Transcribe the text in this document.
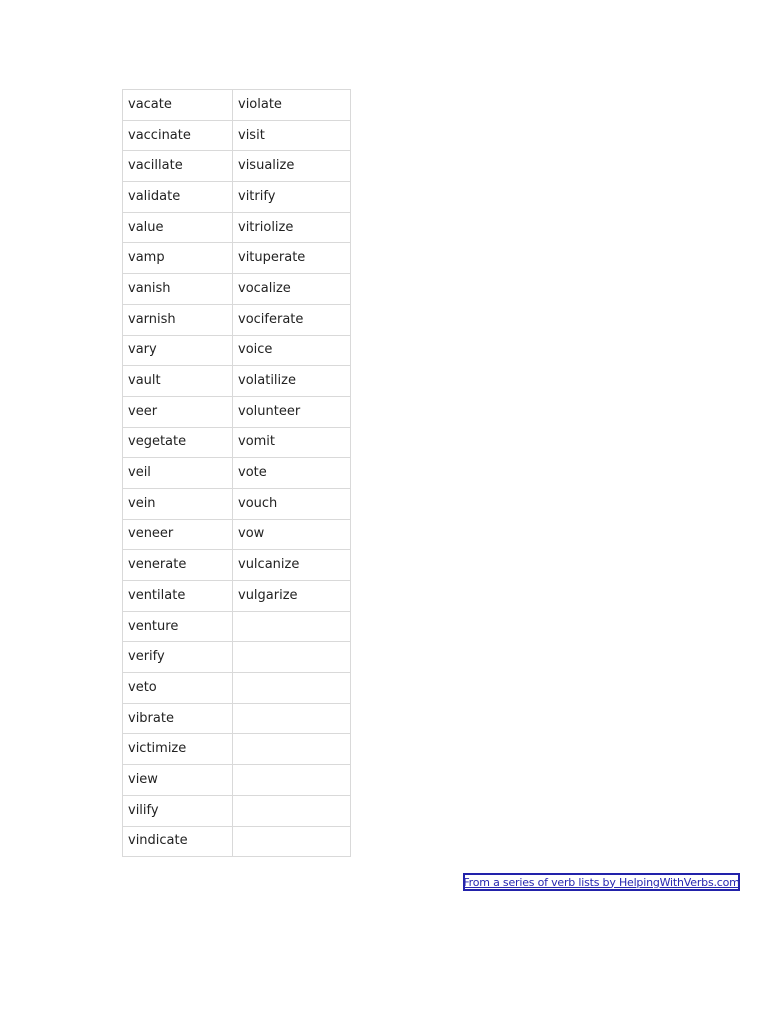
vacate	violate
vaccinate	visit
vacillate	visualize
validate	vitrify
value	vitriolize
vamp	vituperate
vanish	vocalize
varnish	vociferate
vary	voice
vault	volatilize
veer	volunteer
vegetate	vomit
veil	vote
vein	vouch
veneer	vow
venerate	vulcanize
ventilate	vulgarize
venture	
verify	
veto	
vibrate	
victimize	
view	
vilify	
vindicate	
From a series of verb lists by HelpingWithVerbs.com
